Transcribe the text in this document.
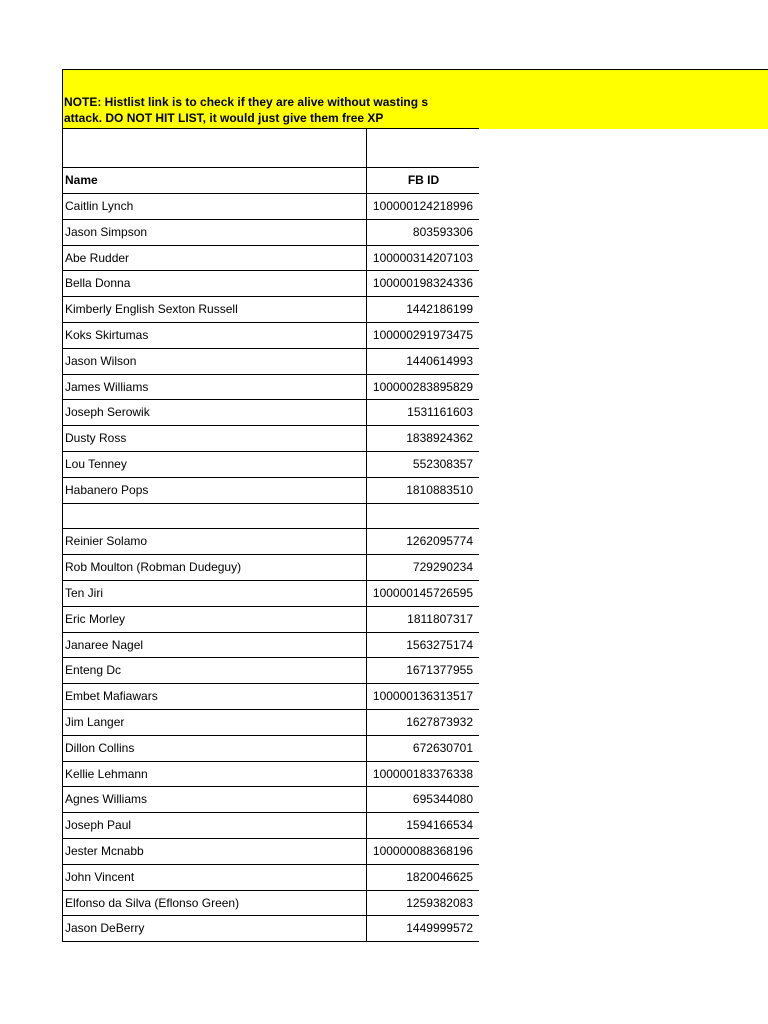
NOTE: Histlist link is to check if they are alive without wasting s
attack. DO NOT HIT LIST, it would just give them free XP
Name	FB ID
Caitlin Lynch	100000124218996
Jason Simpson	803593306
Abe Rudder	100000314207103
Bella Donna	100000198324336
Kimberly English Sexton Russell	1442186199
Koks Skirtumas	100000291973475
Jason Wilson	1440614993
James Williams	100000283895829
Joseph Serowik	1531161603
Dusty Ross	1838924362
Lou Tenney	552308357
Habanero Pops	1810883510
Reinier Solamo	1262095774
Rob Moulton (Robman Dudeguy)	729290234
Ten Jiri	100000145726595
Eric Morley	1811807317
Janaree Nagel	1563275174
Enteng Dc	1671377955
Embet Mafiawars	100000136313517
Jim Langer	1627873932
Dillon Collins	672630701
Kellie Lehmann	100000183376338
Agnes Williams	695344080
Joseph Paul	1594166534
Jester Mcnabb	100000088368196
John Vincent	1820046625
Elfonso da Silva (Eflonso Green)	1259382083
Jason DeBerry	1449999572
